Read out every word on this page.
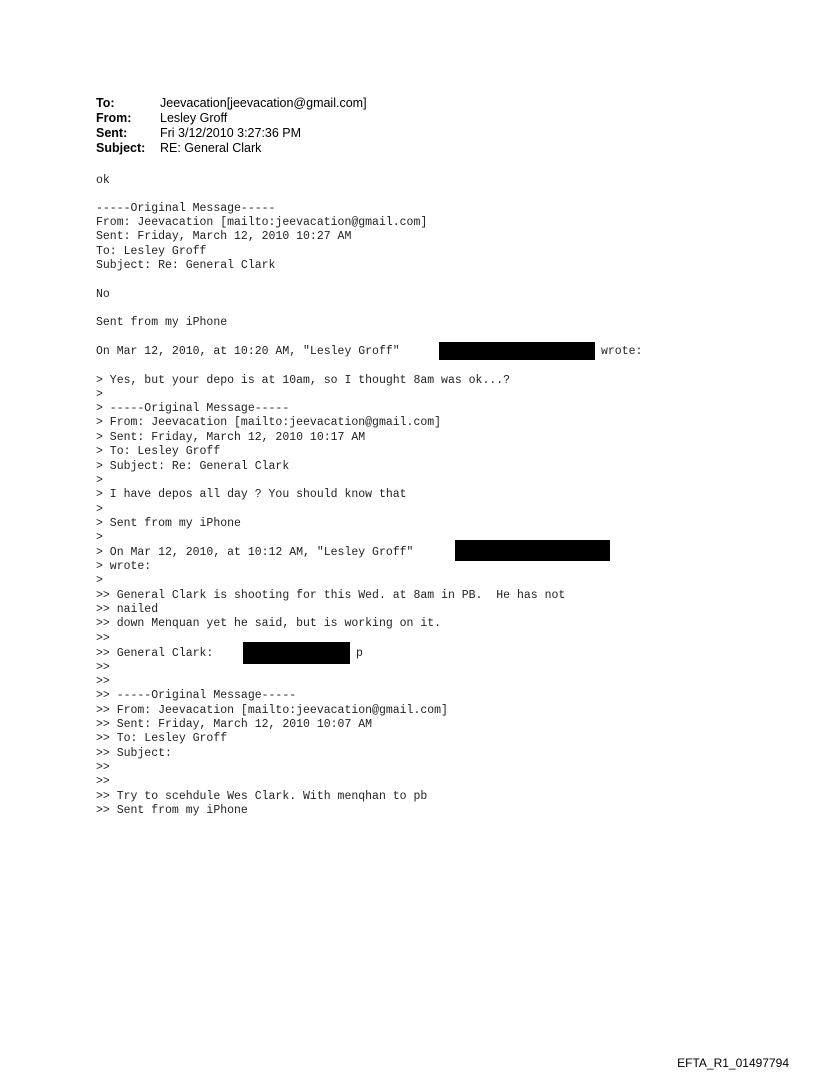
To:	Jeevacation[jeevacation@gmail.com]
From:	Lesley Groff
Sent:	Fri 3/12/2010 3:27:36 PM
Subject:	RE: General Clark
ok
-----Original Message-----
From: Jeevacation [mailto:jeevacation@gmail.com]
Sent: Friday, March 12, 2010 10:27 AM
To: Lesley Groff
Subject: Re: General Clark
No
Sent from my iPhone
On Mar 12, 2010, at 10:20 AM, "Lesley Groff"	wrote:
> Yes, but your depo is at 10am, so I thought 8am was ok...?
>
> -----Original Message-----
> From: Jeevacation [mailto:jeevacation@gmail.com]
> Sent: Friday, March 12, 2010 10:17 AM
> To: Lesley Groff
> Subject: Re: General Clark
>
> I have depos all day ? You should know that
>
> Sent from my iPhone
>
> On Mar 12, 2010, at 10:12 AM, "Lesley Groff"
> wrote:
>
>> General Clark is shooting for this Wed. at 8am in PB.  He has not
>> nailed
>> down Menquan yet he said, but is working on it.
>>
>> General Clark:	p
>>
>>
>> -----Original Message-----
>> From: Jeevacation [mailto:jeevacation@gmail.com]
>> Sent: Friday, March 12, 2010 10:07 AM
>> To: Lesley Groff
>> Subject:
>>
>>
>> Try to scehdule Wes Clark. With menqhan to pb
>> Sent from my iPhone
EFTA_R1_01497794
